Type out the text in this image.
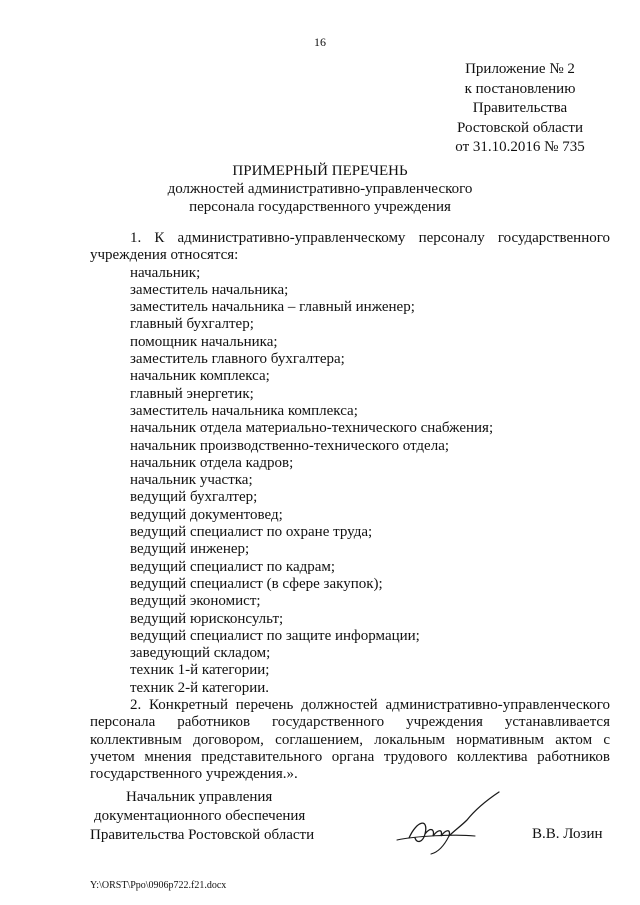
16
Приложение № 2
к постановлению
Правительства
Ростовской области
от 31.10.2016 № 735
ПРИМЕРНЫЙ ПЕРЕЧЕНЬ
должностей административно-управленческого
персонала государственного учреждения

1. К административно-управленческому персоналу государственного учреждения относятся:

начальник;
заместитель начальника;
заместитель начальника – главный инженер;
главный бухгалтер;
помощник начальника;
заместитель главного бухгалтера;
начальник комплекса;
главный энергетик;
заместитель начальника комплекса;
начальник отдела материально-технического снабжения;
начальник производственно-технического отдела;
начальник отдела кадров;
начальник участка;
ведущий бухгалтер;
ведущий документовед;
ведущий специалист по охране труда;
ведущий инженер;
ведущий специалист по кадрам;
ведущий специалист (в сфере закупок);
ведущий экономист;
ведущий юрисконсульт;
ведущий специалист по защите информации;
заведующий складом;
техник 1-й категории;
техник 2-й категории.

2. Конкретный перечень должностей административно-управленческого персонала работников государственного учреждения устанавливается коллективным договором, соглашением, локальным нормативным актом с учетом мнения представительного органа трудового коллектива работников государственного учреждения.».

Начальник управления
документационного обеспечения
Правительства Ростовской области	В.В. Лозин
Y:\ORST\Ppo\0906p722.f21.docx
